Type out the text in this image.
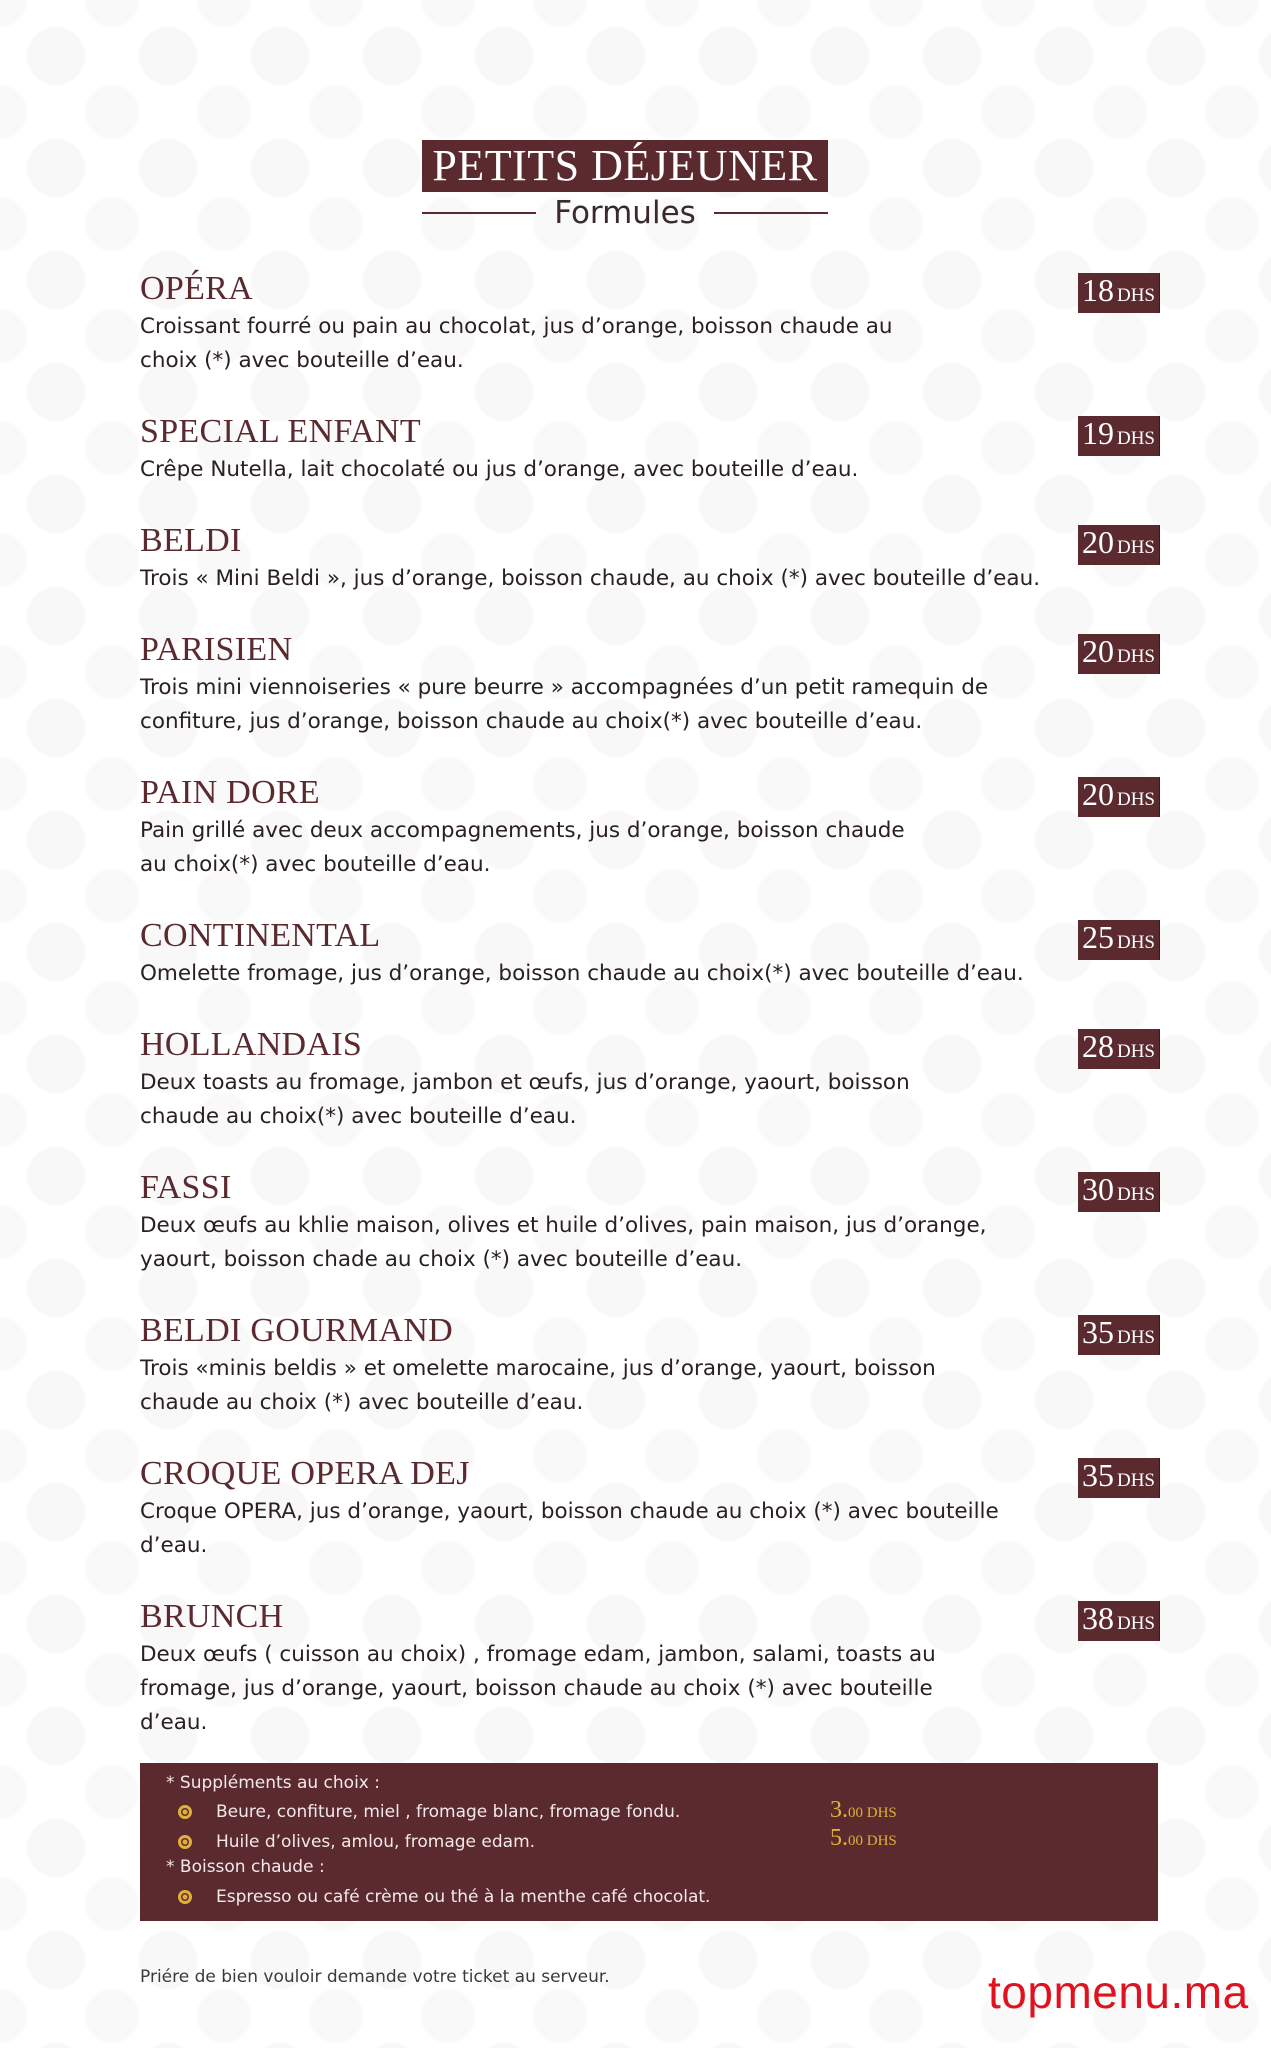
PETITS DÉJEUNER
Formules
OPÉRA
Croissant fourré ou pain au chocolat, jus d’orange, boisson chaude au choix (*) avec bouteille d’eau.
18 DHS
SPECIAL ENFANT
Crêpe Nutella, lait chocolaté ou jus d’orange, avec bouteille d’eau.
19 DHS
BELDI
Trois « Mini Beldi », jus d’orange, boisson chaude, au choix (*) avec bouteille d’eau.
20 DHS
PARISIEN
Trois mini viennoiseries « pure beurre » accompagnées d’un petit ramequin de confiture, jus d’orange, boisson chaude au choix(*) avec bouteille d’eau.
20 DHS
PAIN DORE
Pain grillé avec deux accompagnements, jus d’orange, boisson chaude au choix(*) avec bouteille d’eau.
20 DHS
CONTINENTAL
Omelette fromage, jus d’orange, boisson chaude au choix(*) avec bouteille d’eau.
25 DHS
HOLLANDAIS
Deux toasts au fromage, jambon et œufs, jus d’orange, yaourt, boisson chaude au choix(*) avec bouteille d’eau.
28 DHS
FASSI
Deux œufs au khlie maison, olives et huile d’olives, pain maison, jus d’orange, yaourt, boisson chade au choix (*) avec bouteille d’eau.
30 DHS
BELDI GOURMAND
Trois «minis beldis » et omelette marocaine, jus d’orange, yaourt, boisson chaude au choix (*) avec bouteille d’eau.
35 DHS
CROQUE OPERA DEJ
Croque OPERA, jus d’orange, yaourt, boisson chaude au choix (*) avec bouteille d’eau.
35 DHS
BRUNCH
Deux œufs ( cuisson au choix) , fromage edam, jambon, salami, toasts au fromage, jus d’orange, yaourt, boisson chaude au choix (*) avec bouteille d’eau.
38 DHS
* Suppléments au choix :
Beure, confiture, miel , fromage blanc, fromage fondu.	3.00 DHS
Huile d’olives, amlou, fromage edam.	5.00 DHS
* Boisson chaude :
Espresso ou café crème ou thé à la menthe café chocolat.
Priére de bien vouloir demande votre ticket au serveur.	topmenu.ma
